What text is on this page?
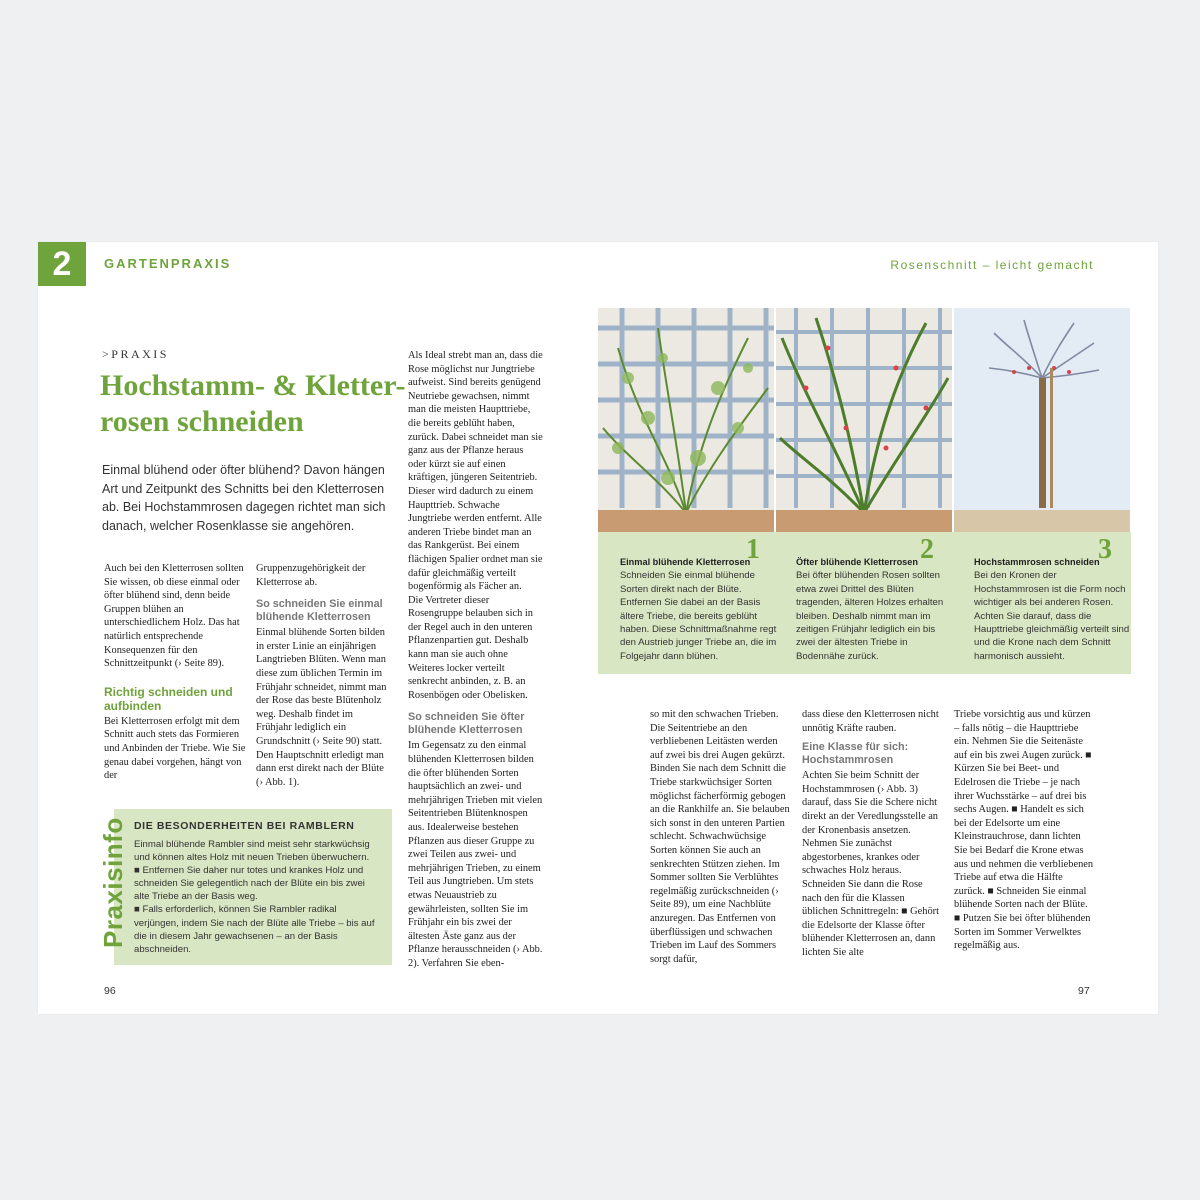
2	GARTENPRAXIS	Rosenschnitt – leicht gemacht
>PRAXIS
Hochstamm- & Kletter-
rosen schneiden
Einmal blühend oder öfter blühend? Davon hängen Art und Zeitpunkt des Schnitts bei den Kletterrosen ab. Bei Hochstammrosen dagegen richtet man sich danach, welcher Rosenklasse sie angehören.

Auch bei den Kletterrosen sollten Sie wissen, ob diese einmal oder öfter blühend sind, denn beide Gruppen blühen an unterschiedlichem Holz. Das hat natürlich entsprechende Konsequenzen für den Schnittzeitpunkt (› Seite 89).

Richtig schneiden und aufbinden

Bei Kletterrosen erfolgt mit dem Schnitt auch stets das Formieren und Anbinden der Triebe. Wie Sie genau dabei vorgehen, hängt von der

Gruppenzugehörigkeit der Kletterrose ab.

So schneiden Sie einmal blühende Kletterrosen

Einmal blühende Sorten bilden in erster Linie an einjährigen Langtrieben Blüten. Wenn man diese zum üblichen Termin im Frühjahr schneidet, nimmt man der Rose das beste Blütenholz weg. Deshalb findet im Frühjahr lediglich ein Grundschnitt (› Seite 90) statt. Den Hauptschnitt erledigt man dann erst direkt nach der Blüte (› Abb. 1).

Als Ideal strebt man an, dass die Rose möglichst nur Jungtriebe aufweist. Sind bereits genügend Neutriebe gewachsen, nimmt man die meisten Haupttriebe, die bereits geblüht haben, zurück. Dabei schneidet man sie ganz aus der Pflanze heraus oder kürzt sie auf einen kräftigen, jüngeren Seitentrieb. Dieser wird dadurch zu einem Haupttrieb. Schwache Jungtriebe werden entfernt. Alle anderen Triebe bindet man an das Rankgerüst. Bei einem flächigen Spalier ordnet man sie dafür gleichmäßig verteilt bogenförmig als Fächer an.

Die Vertreter dieser Rosengruppe belauben sich in der Regel auch in den unteren Pflanzenpartien gut. Deshalb kann man sie auch ohne Weiteres locker verteilt senkrecht anbinden, z. B. an Rosenbögen oder Obelisken.

So schneiden Sie öfter blühende Kletterrosen

Im Gegensatz zu den einmal blühenden Kletterrosen bilden die öfter blühenden Sorten hauptsächlich an zwei- und mehrjährigen Trieben mit vielen Seitentrieben Blütenknospen aus. Idealerweise bestehen Pflanzen aus dieser Gruppe zu zwei Teilen aus zwei- und mehrjährigen Trieben, zu einem Teil aus Jungtrieben. Um stets etwas Neuaustrieb zu gewährleisten, sollten Sie im Frühjahr ein bis zwei der ältesten Äste ganz aus der Pflanze herausschneiden (› Abb. 2). Verfahren Sie eben-

Praxisinfo DIE BESONDERHEITEN BEI RAMBLERN

Einmal blühende Rambler sind meist sehr starkwüchsig und können altes Holz mit neuen Trieben überwuchern.

■ Entfernen Sie daher nur totes und krankes Holz und schneiden Sie gelegentlich nach der Blüte ein bis zwei alte Triebe an der Basis weg.

■ Falls erforderlich, können Sie Rambler radikal verjüngen, indem Sie nach der Blüte alle Triebe – bis auf die in diesem Jahr gewachsenen – an der Basis abschneiden.

96
Einmal blühende Kletterrosen
Schneiden Sie einmal blühende Sorten direkt nach der Blüte. Entfernen Sie dabei an der Basis ältere Triebe, die bereits geblüht haben. Diese Schnittmaßnahme regt den Austrieb junger Triebe an, die im Folgejahr dann blühen.
1	Öfter blühende Kletterrosen
Bei öfter blühenden Rosen sollten etwa zwei Drittel des Blüten tragenden, älteren Holzes erhalten bleiben. Deshalb nimmt man im zeitigen Frühjahr lediglich ein bis zwei der ältesten Triebe in Bodennähe zurück.
2	Hochstammrosen schneiden
Bei den Kronen der Hochstammrosen ist die Form noch wichtiger als bei anderen Rosen. Achten Sie darauf, dass die Haupttriebe gleichmäßig verteilt sind und die Krone nach dem Schnitt harmonisch aussieht.
3

so mit den schwachen Trieben. Die Seitentriebe an den verbliebenen Leitästen werden auf zwei bis drei Augen gekürzt. Binden Sie nach dem Schnitt die Triebe starkwüchsiger Sorten möglichst fächerförmig gebogen an die Rankhilfe an. Sie belauben sich sonst in den unteren Partien schlecht. Schwachwüchsige Sorten können Sie auch an senkrechten Stützen ziehen. Im Sommer sollten Sie Verblühtes regelmäßig zurückschneiden (› Seite 89), um eine Nachblüte anzuregen. Das Entfernen von überflüssigen und schwachen Trieben im Lauf des Sommers sorgt dafür,

dass diese den Kletterrosen nicht unnötig Kräfte rauben.

Eine Klasse für sich: Hochstammrosen

Achten Sie beim Schnitt der Hochstammrosen (› Abb. 3) darauf, dass Sie die Schere nicht direkt an der Veredlungsstelle an der Kronenbasis ansetzen. Nehmen Sie zunächst abgestorbenes, krankes oder schwaches Holz heraus. Schneiden Sie dann die Rose nach den für die Klassen üblichen Schnittregeln: ■ Gehört die Edelsorte der Klasse öfter blühender Kletterrosen an, dann lichten Sie alte

Triebe vorsichtig aus und kürzen – falls nötig – die Haupttriebe ein. Nehmen Sie die Seitenäste auf ein bis zwei Augen zurück. ■ Kürzen Sie bei Beet- und Edelrosen die Triebe – je nach ihrer Wuchsstärke – auf drei bis sechs Augen. ■ Handelt es sich bei der Edelsorte um eine Kleinstrauchrose, dann lichten Sie bei Bedarf die Krone etwas aus und nehmen die verbliebenen Triebe auf etwa die Hälfte zurück. ■ Schneiden Sie einmal blühende Sorten nach der Blüte. ■ Putzen Sie bei öfter blühenden Sorten im Sommer Verwelktes regelmäßig aus.

97
